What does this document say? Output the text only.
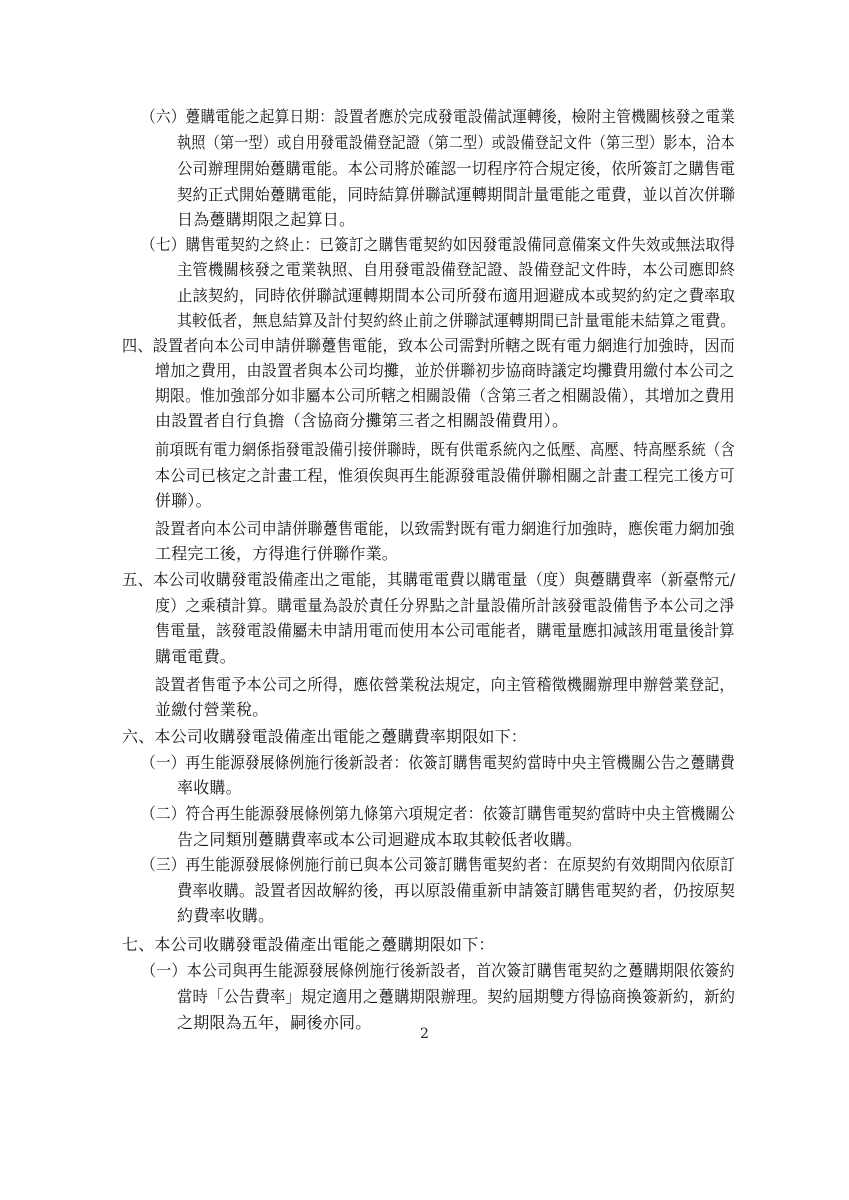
（六）躉購電能之起算日期：設置者應於完成發電設備試運轉後，檢附主管機關核發之電業
執照（第一型）或自用發電設備登記證（第二型）或設備登記文件（第三型）影本，洽本
公司辦理開始躉購電能。本公司將於確認一切程序符合規定後，依所簽訂之購售電
契約正式開始躉購電能，同時結算併聯試運轉期間計量電能之電費，並以首次併聯
日為躉購期限之起算日。
（七）購售電契約之終止：已簽訂之購售電契約如因發電設備同意備案文件失效或無法取得
主管機關核發之電業執照、自用發電設備登記證、設備登記文件時，本公司應即終
止該契約，同時依併聯試運轉期間本公司所發布適用迴避成本或契約約定之費率取
其較低者，無息結算及計付契約終止前之併聯試運轉期間已計量電能未結算之電費。
四、設置者向本公司申請併聯躉售電能，致本公司需對所轄之既有電力網進行加強時，因而
增加之費用，由設置者與本公司均攤，並於併聯初步協商時議定均攤費用繳付本公司之
期限。惟加強部分如非屬本公司所轄之相關設備（含第三者之相關設備），其增加之費用
由設置者自行負擔（含協商分攤第三者之相關設備費用）。
前項既有電力網係指發電設備引接併聯時，既有供電系統內之低壓、高壓、特高壓系統（含
本公司已核定之計畫工程，惟須俟與再生能源發電設備併聯相關之計畫工程完工後方可
併聯）。
設置者向本公司申請併聯躉售電能，以致需對既有電力網進行加強時，應俟電力網加強
工程完工後，方得進行併聯作業。
五、本公司收購發電設備產出之電能，其購電電費以購電量（度）與躉購費率（新臺幣元/
度）之乘積計算。購電量為設於責任分界點之計量設備所計該發電設備售予本公司之淨
售電量，該發電設備屬未申請用電而使用本公司電能者，購電量應扣減該用電量後計算
購電電費。
設置者售電予本公司之所得，應依營業稅法規定，向主管稽徵機關辦理申辦營業登記，
並繳付營業稅。
六、本公司收購發電設備產出電能之躉購費率期限如下：
（一）再生能源發展條例施行後新設者：依簽訂購售電契約當時中央主管機關公告之躉購費
率收購。
（二）符合再生能源發展條例第九條第六項規定者：依簽訂購售電契約當時中央主管機關公
告之同類別躉購費率或本公司迴避成本取其較低者收購。
（三）再生能源發展條例施行前已與本公司簽訂購售電契約者：在原契約有效期間內依原訂
費率收購。設置者因故解約後，再以原設備重新申請簽訂購售電契約者，仍按原契
約費率收購。
七、本公司收購發電設備產出電能之躉購期限如下：
（一）本公司與再生能源發展條例施行後新設者，首次簽訂購售電契約之躉購期限依簽約
當時「公告費率」規定適用之躉購期限辦理。契約屆期雙方得協商換簽新約，新約
之期限為五年，嗣後亦同。
2
